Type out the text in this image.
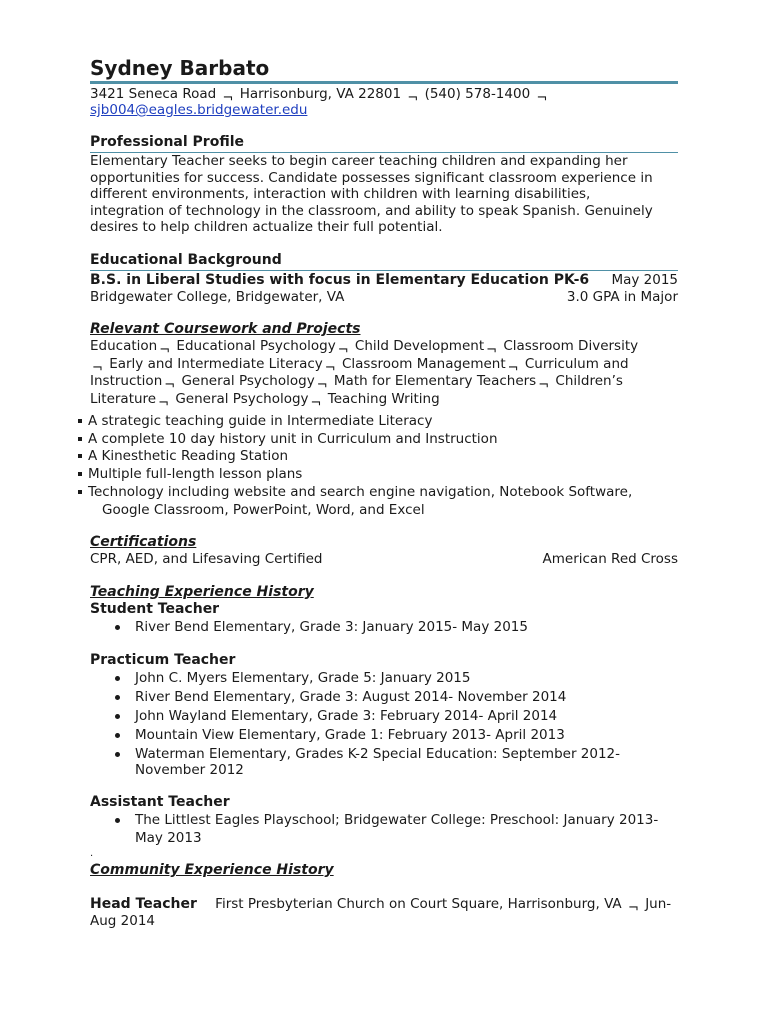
Sydney Barbato
3421 Seneca Road ¬ Harrisonburg, VA 22801 ¬ (540) 578-1400 ¬
sjb004@eagles.bridgewater.edu
Professional Profile
Elementary Teacher seeks to begin career teaching children and expanding her
opportunities for success. Candidate possesses significant classroom experience in
different environments, interaction with children with learning disabilities,
integration of technology in the classroom, and ability to speak Spanish. Genuinely
desires to help children actualize their full potential.
Educational Background
B.S. in Liberal Studies with focus in Elementary Education PK-6 May 2015
Bridgewater College, Bridgewater, VA	3.0 GPA in Major
Relevant Coursework and Projects
Education ¬ Educational Psychology ¬ Child Development ¬ Classroom Diversity
¬ Early and Intermediate Literacy ¬ Classroom Management ¬ Curriculum and
Instruction ¬ General Psychology ¬ Math for Elementary Teachers ¬ Children’s
Literature ¬ General Psychology ¬ Teaching Writing
A strategic teaching guide in Intermediate Literacy
A complete 10 day history unit in Curriculum and Instruction
A Kinesthetic Reading Station
Multiple full-length lesson plans
Technology including website and search engine navigation, Notebook Software,
Google Classroom, PowerPoint, Word, and Excel
Certifications
CPR, AED, and Lifesaving Certified	American Red Cross
Teaching Experience History
Student Teacher
River Bend Elementary, Grade 3: January 2015- May 2015
Practicum Teacher
John C. Myers Elementary, Grade 5: January 2015
River Bend Elementary, Grade 3: August 2014- November 2014
John Wayland Elementary, Grade 3: February 2014- April 2014
Mountain View Elementary, Grade 1: February 2013- April 2013
Waterman Elementary, Grades K-2 Special Education: September 2012-
November 2012
Assistant Teacher
The Littlest Eagles Playschool; Bridgewater College: Preschool: January 2013-
May 2013
.
Community Experience History
Head Teacher First Presbyterian Church on Court Square, Harrisonburg, VA ¬ Jun-
Aug 2014
